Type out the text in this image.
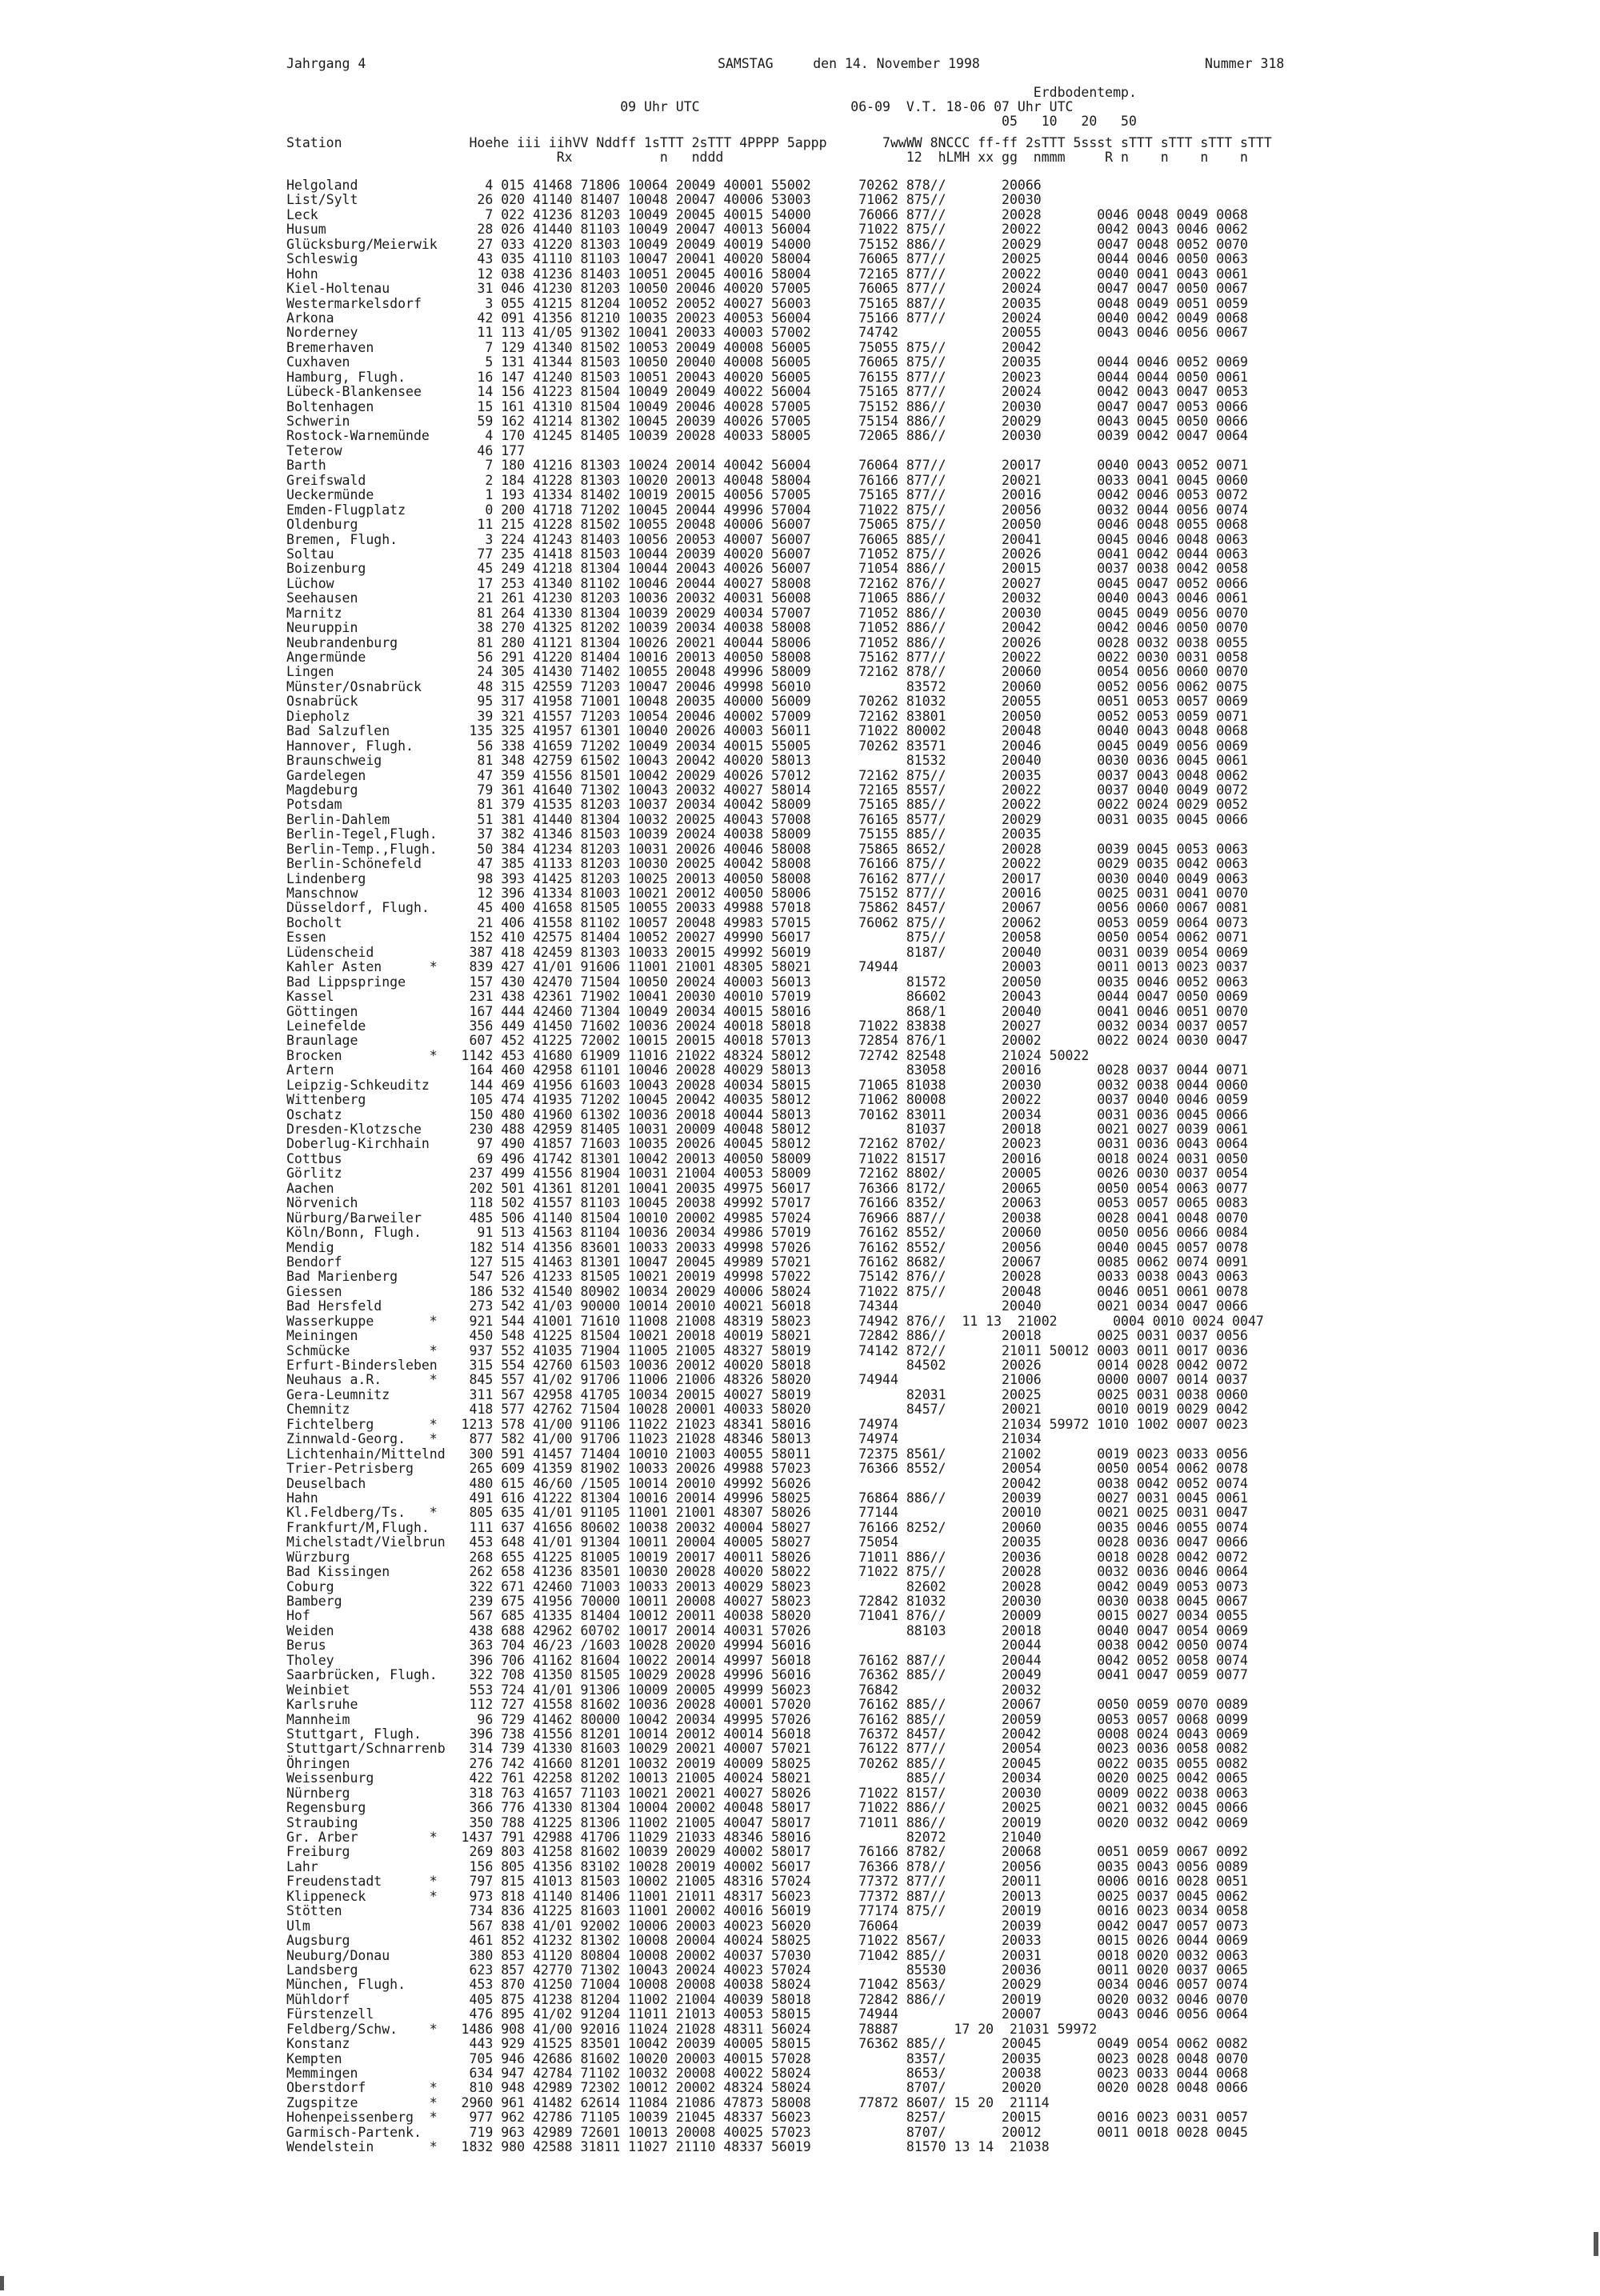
Jahrgang 4	SAMSTAG     den 14. November 1998	Nummer 318
Erdbodentemp.
09 Uhr UTC                   06-09  V.T. 18-06 07 Uhr UTC
05   10   20   50
Station                Hoehe iii iihVV Nddff 1sTTT 2sTTT 4PPPP 5appp       7wwWW 8NCCC ff-ff 2sTTT 5ssst sTTT sTTT sTTT sTTT
Rx           n   nddd                       12  hLMH xx gg  nmmm     R n    n    n    n
Helgoland                4 015 41468 71806 10064 20049 40001 55002      70262 878//       20066
List/Sylt               26 020 41140 81407 10048 20047 40006 53003      71062 875//       20030
Leck                     7 022 41236 81203 10049 20045 40015 54000      76066 877//       20028       0046 0048 0049 0068
Husum                   28 026 41440 81103 10049 20047 40013 56004      71022 875//       20022       0042 0043 0046 0062
Glücksburg/Meierwik     27 033 41220 81303 10049 20049 40019 54000      75152 886//       20029       0047 0048 0052 0070
Schleswig               43 035 41110 81103 10047 20041 40020 58004      76065 877//       20025       0044 0046 0050 0063
Hohn                    12 038 41236 81403 10051 20045 40016 58004      72165 877//       20022       0040 0041 0043 0061
Kiel-Holtenau           31 046 41230 81203 10050 20046 40020 57005      76065 877//       20024       0047 0047 0050 0067
Westermarkelsdorf        3 055 41215 81204 10052 20052 40027 56003      75165 887//       20035       0048 0049 0051 0059
Arkona                  42 091 41356 81210 10035 20023 40053 56004      75166 877//       20024       0040 0042 0049 0068
Norderney               11 113 41/05 91302 10041 20033 40003 57002      74742             20055       0043 0046 0056 0067
Bremerhaven              7 129 41340 81502 10053 20049 40008 56005      75055 875//       20042
Cuxhaven                 5 131 41344 81503 10050 20040 40008 56005      76065 875//       20035       0044 0046 0052 0069
Hamburg, Flugh.         16 147 41240 81503 10051 20043 40020 56005      76155 877//       20023       0044 0044 0050 0061
Lübeck-Blankensee       14 156 41223 81504 10049 20049 40022 56004      75165 877//       20024       0042 0043 0047 0053
Boltenhagen             15 161 41310 81504 10049 20046 40028 57005      75152 886//       20030       0047 0047 0053 0066
Schwerin                59 162 41214 81302 10045 20039 40026 57005      75154 886//       20029       0043 0045 0050 0066
Rostock-Warnemünde       4 170 41245 81405 10039 20028 40033 58005      72065 886//       20030       0039 0042 0047 0064
Teterow                 46 177
Barth                    7 180 41216 81303 10024 20014 40042 56004      76064 877//       20017       0040 0043 0052 0071
Greifswald               2 184 41228 81303 10020 20013 40048 58004      76166 877//       20021       0033 0041 0045 0060
Ueckermünde              1 193 41334 81402 10019 20015 40056 57005      75165 877//       20016       0042 0046 0053 0072
Emden-Flugplatz          0 200 41718 71202 10045 20044 49996 57004      71022 875//       20056       0032 0044 0056 0074
Oldenburg               11 215 41228 81502 10055 20048 40006 56007      75065 875//       20050       0046 0048 0055 0068
Bremen, Flugh.           3 224 41243 81403 10056 20053 40007 56007      76065 885//       20041       0045 0046 0048 0063
Soltau                  77 235 41418 81503 10044 20039 40020 56007      71052 875//       20026       0041 0042 0044 0063
Boizenburg              45 249 41218 81304 10044 20043 40026 56007      71054 886//       20015       0037 0038 0042 0058
Lüchow                  17 253 41340 81102 10046 20044 40027 58008      72162 876//       20027       0045 0047 0052 0066
Seehausen               21 261 41230 81203 10036 20032 40031 56008      71065 886//       20032       0040 0043 0046 0061
Marnitz                 81 264 41330 81304 10039 20029 40034 57007      71052 886//       20030       0045 0049 0056 0070
Neuruppin               38 270 41325 81202 10039 20034 40038 58008      71052 886//       20042       0042 0046 0050 0070
Neubrandenburg          81 280 41121 81304 10026 20021 40044 58006      71052 886//       20026       0028 0032 0038 0055
Angermünde              56 291 41220 81404 10016 20013 40050 58008      75162 877//       20022       0022 0030 0031 0058
Lingen                  24 305 41430 71402 10055 20048 49996 58009      72162 878//       20060       0054 0056 0060 0070
Münster/Osnabrück       48 315 42559 71203 10047 20046 49998 56010            83572       20060       0052 0056 0062 0075
Osnabrück               95 317 41958 71001 10048 20035 40000 56009      70262 81032       20055       0051 0053 0057 0069
Diepholz                39 321 41557 71203 10054 20046 40002 57009      72162 83801       20050       0052 0053 0059 0071
Bad Salzuflen          135 325 41957 61301 10040 20026 40003 56011      71022 80002       20048       0040 0043 0048 0068
Hannover, Flugh.        56 338 41659 71202 10049 20034 40015 55005      70262 83571       20046       0045 0049 0056 0069
Braunschweig            81 348 42759 61502 10043 20042 40020 58013            81532       20040       0030 0036 0045 0061
Gardelegen              47 359 41556 81501 10042 20029 40026 57012      72162 875//       20035       0037 0043 0048 0062
Magdeburg               79 361 41640 71302 10043 20032 40027 58014      72165 8557/       20022       0037 0040 0049 0072
Potsdam                 81 379 41535 81203 10037 20034 40042 58009      75165 885//       20022       0022 0024 0029 0052
Berlin-Dahlem           51 381 41440 81304 10032 20025 40043 57008      76165 8577/       20029       0031 0035 0045 0066
Berlin-Tegel,Flugh.     37 382 41346 81503 10039 20024 40038 58009      75155 885//       20035
Berlin-Temp.,Flugh.     50 384 41234 81203 10031 20026 40046 58008      75865 8652/       20028       0039 0045 0053 0063
Berlin-Schönefeld       47 385 41133 81203 10030 20025 40042 58008      76166 875//       20022       0029 0035 0042 0063
Lindenberg              98 393 41425 81203 10025 20013 40050 58008      76162 877//       20017       0030 0040 0049 0063
Manschnow               12 396 41334 81003 10021 20012 40050 58006      75152 877//       20016       0025 0031 0041 0070
Düsseldorf, Flugh.      45 400 41658 81505 10055 20033 49988 57018      75862 8457/       20067       0056 0060 0067 0081
Bocholt                 21 406 41558 81102 10057 20048 49983 57015      76062 875//       20062       0053 0059 0064 0073
Essen                  152 410 42575 81404 10052 20027 49990 56017            875//       20058       0050 0054 0062 0071
Lüdenscheid            387 418 42459 81303 10033 20015 49992 56019            8187/       20040       0031 0039 0054 0069
Kahler Asten      *    839 427 41/01 91606 11001 21001 48305 58021      74944             20003       0011 0013 0023 0037
Bad Lippspringe        157 430 42470 71504 10050 20024 40003 56013            81572       20050       0035 0046 0052 0063
Kassel                 231 438 42361 71902 10041 20030 40010 57019            86602       20043       0044 0047 0050 0069
Göttingen              167 444 42460 71304 10049 20034 40015 58016            868/1       20040       0041 0046 0051 0070
Leinefelde             356 449 41450 71602 10036 20024 40018 58018      71022 83838       20027       0032 0034 0037 0057
Braunlage              607 452 41225 72002 10015 20015 40018 57013      72854 876/1       20002       0022 0024 0030 0047
Brocken           *   1142 453 41680 61909 11016 21022 48324 58012      72742 82548       21024 50022
Artern                 164 460 42958 61101 10046 20028 40029 58013            83058       20016       0028 0037 0044 0071
Leipzig-Schkeuditz     144 469 41956 61603 10043 20028 40034 58015      71065 81038       20030       0032 0038 0044 0060
Wittenberg             105 474 41935 71202 10045 20042 40035 58012      71062 80008       20022       0037 0040 0046 0059
Oschatz                150 480 41960 61302 10036 20018 40044 58013      70162 83011       20034       0031 0036 0045 0066
Dresden-Klotzsche      230 488 42959 81405 10031 20009 40048 58012            81037       20018       0021 0027 0039 0061
Doberlug-Kirchhain      97 490 41857 71603 10035 20026 40045 58012      72162 8702/       20023       0031 0036 0043 0064
Cottbus                 69 496 41742 81301 10042 20013 40050 58009      71022 81517       20016       0018 0024 0031 0050
Görlitz                237 499 41556 81904 10031 21004 40053 58009      72162 8802/       20005       0026 0030 0037 0054
Aachen                 202 501 41361 81201 10041 20035 49975 56017      76366 8172/       20065       0050 0054 0063 0077
Nörvenich              118 502 41557 81103 10045 20038 49992 57017      76166 8352/       20063       0053 0057 0065 0083
Nürburg/Barweiler      485 506 41140 81504 10010 20002 49985 57024      76966 887//       20038       0028 0041 0048 0070
Köln/Bonn, Flugh.       91 513 41563 81104 10036 20034 49986 57019      76162 8552/       20060       0050 0056 0066 0084
Mendig                 182 514 41356 83601 10033 20033 49998 57026      76162 8552/       20056       0040 0045 0057 0078
Bendorf                127 515 41463 81301 10047 20045 49989 57021      76162 8682/       20067       0085 0062 0074 0091
Bad Marienberg         547 526 41233 81505 10021 20019 49998 57022      75142 876//       20028       0033 0038 0043 0063
Giessen                186 532 41540 80902 10034 20029 40006 58024      71022 875//       20048       0046 0051 0061 0078
Bad Hersfeld           273 542 41/03 90000 10014 20010 40021 56018      74344             20040       0021 0034 0047 0066
Wasserkuppe       *    921 544 41001 71610 11008 21008 48319 58023      74942 876//  11 13  21002       0004 0010 0024 0047
Meiningen              450 548 41225 81504 10021 20018 40019 58021      72842 886//       20018       0025 0031 0037 0056
Schmücke          *    937 552 41035 71904 11005 21005 48327 58019      74142 872//       21011 50012 0003 0011 0017 0036
Erfurt-Bindersleben    315 554 42760 61503 10036 20012 40020 58018            84502       20026       0014 0028 0042 0072
Neuhaus a.R.      *    845 557 41/02 91706 11006 21006 48326 58020      74944             21006       0000 0007 0014 0037
Gera-Leumnitz          311 567 42958 41705 10034 20015 40027 58019            82031       20025       0025 0031 0038 0060
Chemnitz               418 577 42762 71504 10028 20001 40033 58020            8457/       20021       0010 0019 0029 0042
Fichtelberg       *   1213 578 41/00 91106 11022 21023 48341 58016      74974             21034 59972 1010 1002 0007 0023
Zinnwald-Georg.   *    877 582 41/00 91706 11023 21028 48346 58013      74974             21034
Lichtenhain/Mittelnd   300 591 41457 71404 10010 21003 40055 58011      72375 8561/       21002       0019 0023 0033 0056
Trier-Petrisberg       265 609 41359 81902 10033 20026 49988 57023      76366 8552/       20054       0050 0054 0062 0078
Deuselbach             480 615 46/60 /1505 10014 20010 49992 56026                        20042       0038 0042 0052 0074
Hahn                   491 616 41222 81304 10016 20014 49996 58025      76864 886//       20039       0027 0031 0045 0061
Kl.Feldberg/Ts.   *    805 635 41/01 91105 11001 21001 48307 58026      77144             20010       0021 0025 0031 0047
Frankfurt/M,Flugh.     111 637 41656 80602 10038 20032 40004 58027      76166 8252/       20060       0035 0046 0055 0074
Michelstadt/Vielbrun   453 648 41/01 91304 10011 20004 40005 58027      75054             20035       0028 0036 0047 0066
Würzburg               268 655 41225 81005 10019 20017 40011 58026      71011 886//       20036       0018 0028 0042 0072
Bad Kissingen          262 658 41236 83501 10030 20028 40020 58022      71022 875//       20028       0032 0036 0046 0064
Coburg                 322 671 42460 71003 10033 20013 40029 58023            82602       20028       0042 0049 0053 0073
Bamberg                239 675 41956 70000 10011 20008 40027 58023      72842 81032       20030       0030 0038 0045 0067
Hof                    567 685 41335 81404 10012 20011 40038 58020      71041 876//       20009       0015 0027 0034 0055
Weiden                 438 688 42962 60702 10017 20014 40031 57026            88103       20018       0040 0047 0054 0069
Berus                  363 704 46/23 /1603 10028 20020 49994 56016                        20044       0038 0042 0050 0074
Tholey                 396 706 41162 81604 10022 20014 49997 56018      76162 887//       20044       0042 0052 0058 0074
Saarbrücken, Flugh.    322 708 41350 81505 10029 20028 49996 56016      76362 885//       20049       0041 0047 0059 0077
Weinbiet               553 724 41/01 91306 10009 20005 49999 56023      76842             20032
Karlsruhe              112 727 41558 81602 10036 20028 40001 57020      76162 885//       20067       0050 0059 0070 0089
Mannheim                96 729 41462 80000 10042 20034 49995 57026      76162 885//       20059       0053 0057 0068 0099
Stuttgart, Flugh.      396 738 41556 81201 10014 20012 40014 56018      76372 8457/       20042       0008 0024 0043 0069
Stuttgart/Schnarrenb   314 739 41330 81603 10029 20021 40007 57021      76122 877//       20054       0023 0036 0058 0082
Öhringen               276 742 41660 81201 10032 20019 40009 58025      70262 885//       20045       0022 0035 0055 0082
Weissenburg            422 761 42258 81202 10013 21005 40024 58021            885//       20034       0020 0025 0042 0065
Nürnberg               318 763 41657 71103 10021 20021 40027 58026      71022 8157/       20030       0009 0022 0038 0063
Regensburg             366 776 41330 81304 10004 20002 40048 58017      71022 886//       20025       0021 0032 0045 0066
Straubing              350 788 41225 81306 11002 21005 40047 58017      71011 886//       20019       0020 0032 0042 0069
Gr. Arber         *   1437 791 42988 41706 11029 21033 48346 58016            82072       21040
Freiburg               269 803 41258 81602 10039 20029 40002 58017      76166 8782/       20068       0051 0059 0067 0092
Lahr                   156 805 41356 83102 10028 20019 40002 56017      76366 878//       20056       0035 0043 0056 0089
Freudenstadt      *    797 815 41013 81503 10002 21005 48316 57024      77372 877//       20011       0006 0016 0028 0051
Klippeneck        *    973 818 41140 81406 11001 21011 48317 56023      77372 887//       20013       0025 0037 0045 0062
Stötten                734 836 41225 81603 11001 20002 40016 56019      77174 875//       20019       0016 0023 0034 0058
Ulm                    567 838 41/01 92002 10006 20003 40023 56020      76064             20039       0042 0047 0057 0073
Augsburg               461 852 41232 81302 10008 20004 40024 58025      71022 8567/       20033       0015 0026 0044 0069
Neuburg/Donau          380 853 41120 80804 10008 20002 40037 57030      71042 885//       20031       0018 0020 0032 0063
Landsberg              623 857 42770 71302 10043 20024 40023 57024            85530       20036       0011 0020 0037 0065
München, Flugh.        453 870 41250 71004 10008 20008 40038 58024      71042 8563/       20029       0034 0046 0057 0074
Mühldorf               405 875 41238 81204 11002 21004 40039 58018      72842 886//       20019       0020 0032 0046 0070
Fürstenzell            476 895 41/02 91204 11011 21013 40053 58015      74944             20007       0043 0046 0056 0064
Feldberg/Schw.    *   1486 908 41/00 92016 11024 21028 48311 56024      78887       17 20  21031 59972
Konstanz               443 929 41525 83501 10042 20039 40005 58015      76362 885//       20045       0049 0054 0062 0082
Kempten                705 946 42686 81602 10020 20003 40015 57028            8357/       20035       0023 0028 0048 0070
Memmingen              634 947 42784 71102 10032 20008 40022 58024            8653/       20038       0023 0033 0044 0068
Oberstdorf        *    810 948 42989 72302 10012 20002 48324 58024            8707/       20020       0020 0028 0048 0066
Zugspitze         *   2960 961 41482 62614 11084 21086 47873 58008      77872 8607/ 15 20  21114
Hohenpeissenberg  *    977 962 42786 71105 10039 21045 48337 56023            8257/       20015       0016 0023 0031 0057
Garmisch-Partenk.      719 963 42989 72601 10013 20008 40025 57023            8707/       20012       0011 0018 0028 0045
Wendelstein       *   1832 980 42588 31811 11027 21110 48337 56019            81570 13 14  21038
